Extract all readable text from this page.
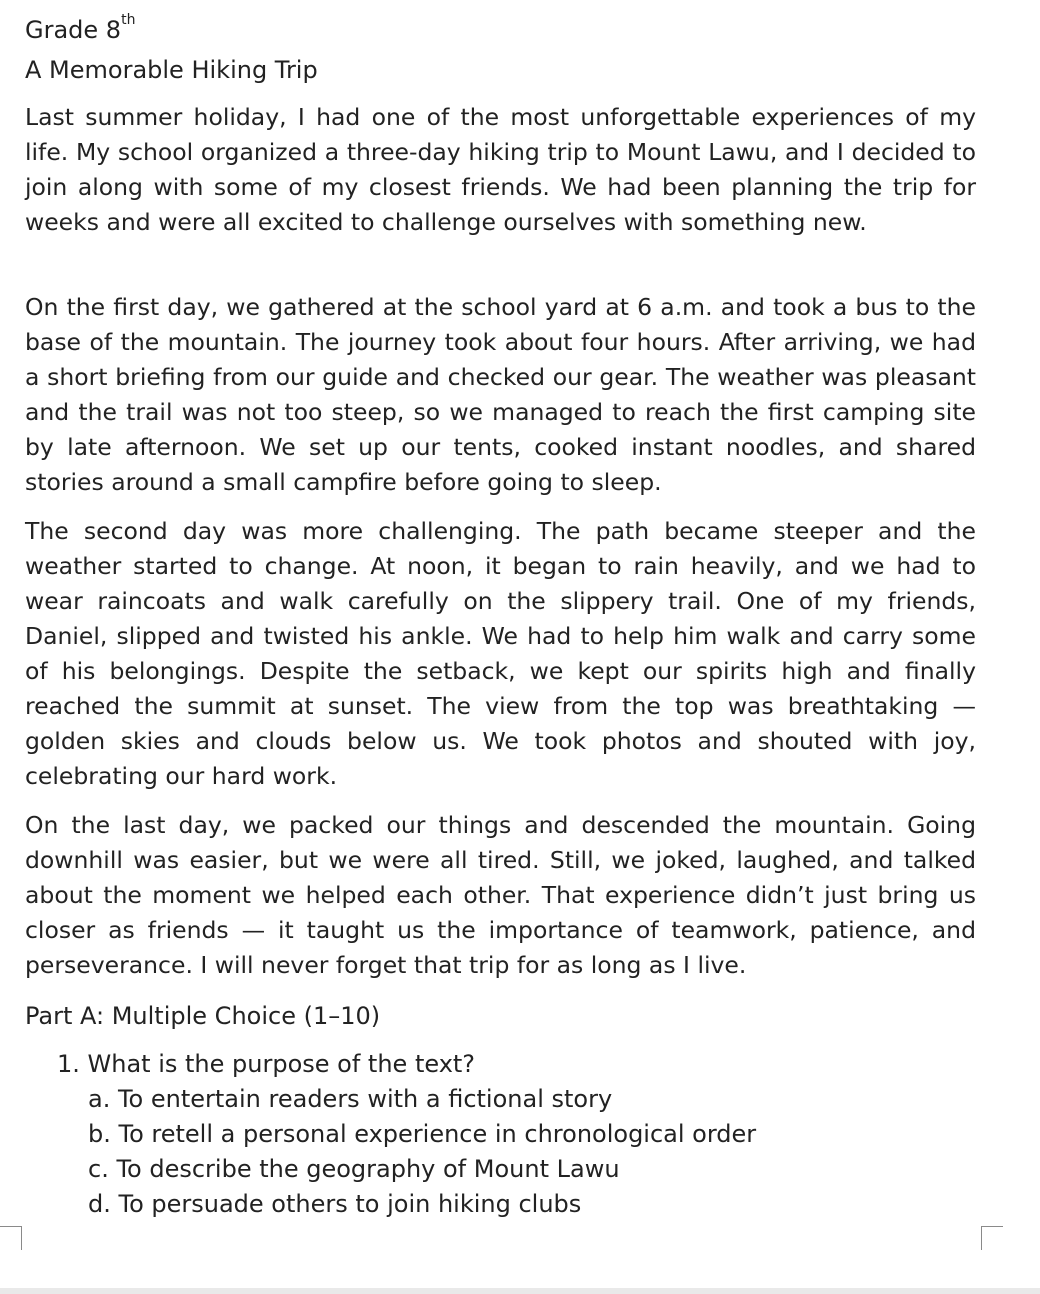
Grade 8th
A Memorable Hiking Trip

Last summer holiday, I had one of the most unforgettable experiences of my life. My school organized a three-day hiking trip to Mount Lawu, and I decided to join along with some of my closest friends. We had been planning the trip for weeks and were all excited to challenge ourselves with something new.

On the first day, we gathered at the school yard at 6 a.m. and took a bus to the base of the mountain. The journey took about four hours. After arriving, we had a short briefing from our guide and checked our gear. The weather was pleasant and the trail was not too steep, so we managed to reach the first camping site by late afternoon. We set up our tents, cooked instant noodles, and shared stories around a small campfire before going to sleep.

The second day was more challenging. The path became steeper and the weather started to change. At noon, it began to rain heavily, and we had to wear raincoats and walk carefully on the slippery trail. One of my friends, Daniel, slipped and twisted his ankle. We had to help him walk and carry some of his belongings. Despite the setback, we kept our spirits high and finally reached the summit at sunset. The view from the top was breathtaking — golden skies and clouds below us. We took photos and shouted with joy, celebrating our hard work.

On the last day, we packed our things and descended the mountain. Going downhill was easier, but we were all tired. Still, we joked, laughed, and talked about the moment we helped each other. That experience didn’t just bring us closer as friends — it taught us the importance of teamwork, patience, and perseverance. I will never forget that trip for as long as I live.

Part A: Multiple Choice (1–10)
1. What is the purpose of the text?
a. To entertain readers with a fictional story
b. To retell a personal experience in chronological order
c. To describe the geography of Mount Lawu
d. To persuade others to join hiking clubs
